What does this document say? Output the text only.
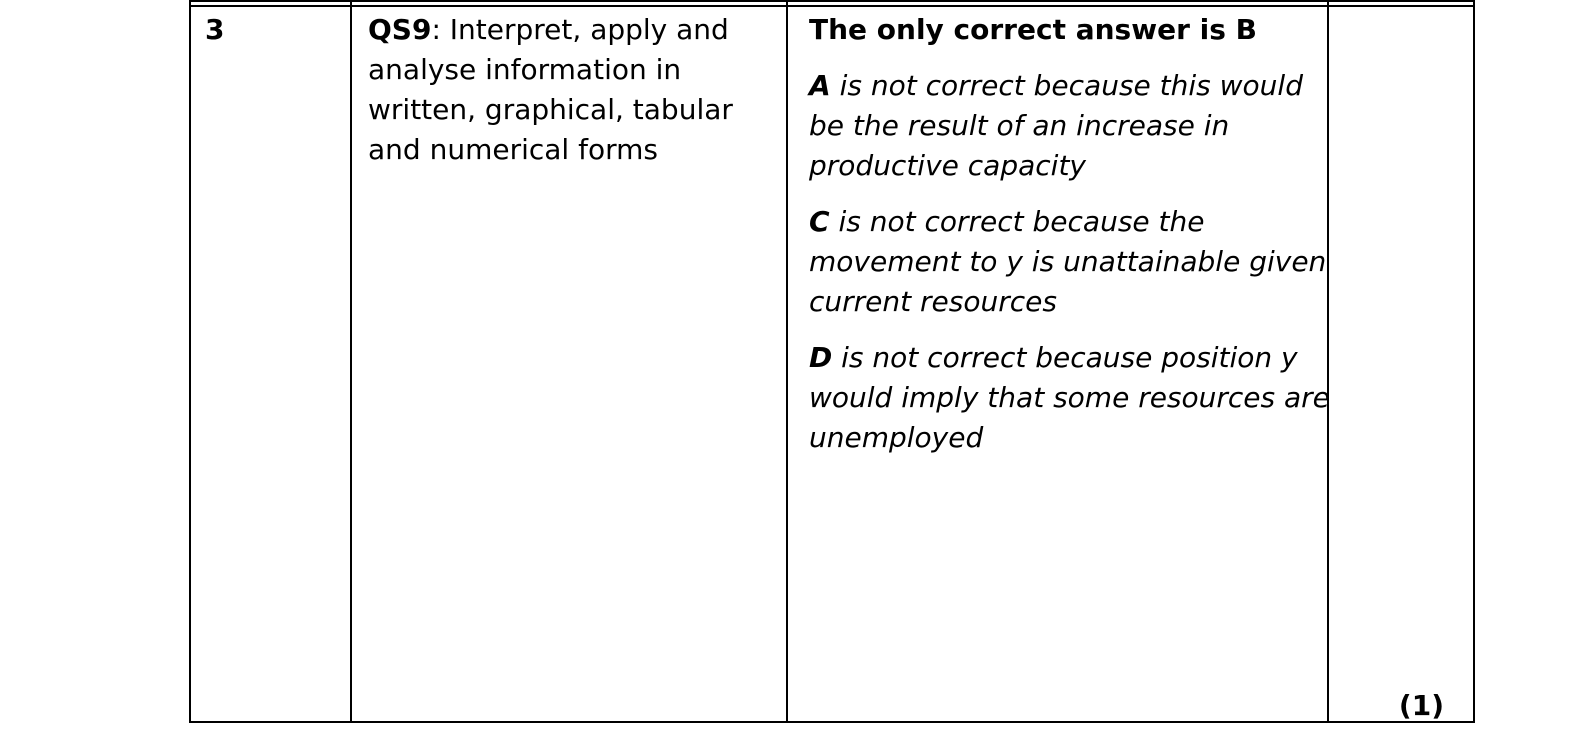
3	QS9: Interpret, apply and analyse information in written, graphical, tabular and numerical forms
The only correct answer is B
A is not correct because this would be the result of an increase in productive capacity
C is not correct because the movement to y is unattainable given current resources
D is not correct because position y would imply that some resources are unemployed
(1)
